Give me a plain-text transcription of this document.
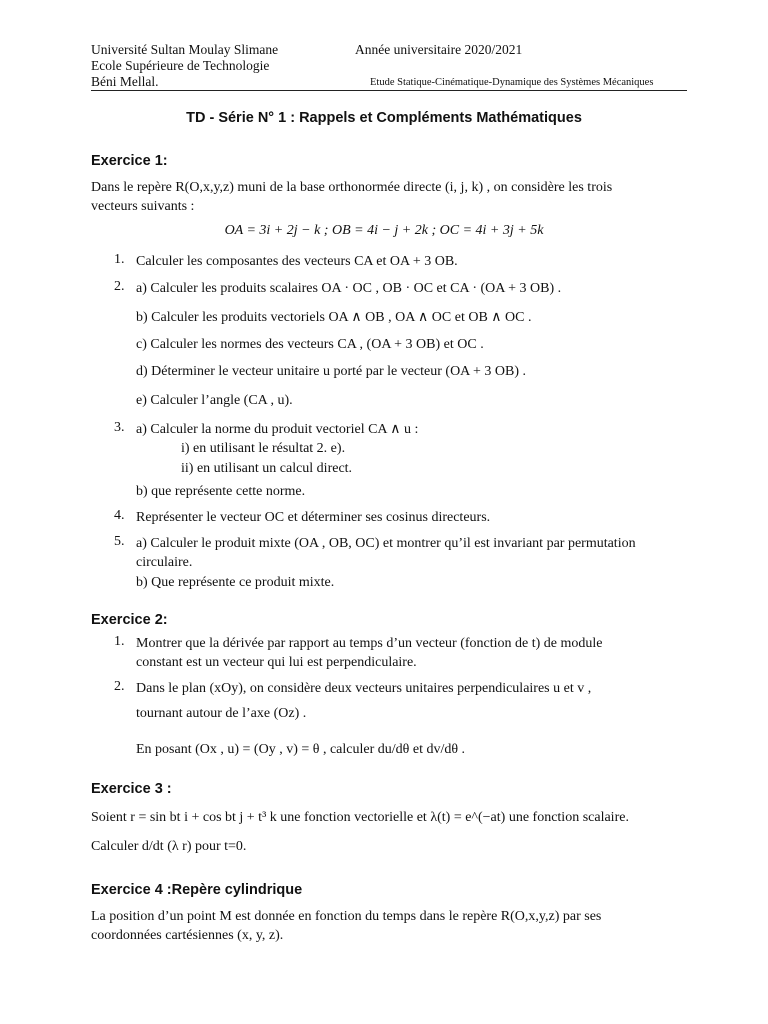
Université Sultan Moulay Slimane
Ecole Supérieure de Technologie
Béni Mellal.
Année universitaire 2020/2021
Etude Statique-Cinématique-Dynamique des Systèmes Mécaniques
TD - Série N° 1 : Rappels et Compléments Mathématiques
Exercice 1:
Dans le repère R(O,x,y,z) muni de la base orthonormée directe (i, j, k) , on considère les trois
vecteurs suivants :
OA = 3i + 2j − k ; OB = 4i − j + 2k ; OC = 4i + 3j + 5k
1. Calculer les composantes des vecteurs CA et OA + 3 OB.
2. a) Calculer les produits scalaires OA · OC , OB · OC et CA · (OA + 3 OB) .
b) Calculer les produits vectoriels OA ∧ OB , OA ∧ OC et OB ∧ OC .
c) Calculer les normes des vecteurs CA , (OA + 3 OB) et OC .
d) Déterminer le vecteur unitaire u porté par le vecteur (OA + 3 OB) .
e) Calculer l’angle (CA , u).
3. a) Calculer la norme du produit vectoriel CA ∧ u :
i) en utilisant le résultat 2. e).
ii) en utilisant un calcul direct.
b) que représente cette norme.
4. Représenter le vecteur OC et déterminer ses cosinus directeurs.
5. a) Calculer le produit mixte (OA , OB, OC) et montrer qu’il est invariant par permutation
circulaire.
b) Que représente ce produit mixte.
Exercice 2:
1. Montrer que la dérivée par rapport au temps d’un vecteur (fonction de t) de module
constant est un vecteur qui lui est perpendiculaire.
2. Dans le plan (xOy), on considère deux vecteurs unitaires perpendiculaires u et v ,
tournant autour de l’axe (Oz) .
En posant (Ox , u) = (Oy , v) = θ , calculer du/dθ et dv/dθ .
Exercice 3 :
Soient r = sin bt i + cos bt j + t³ k une fonction vectorielle et λ(t) = e^(−at) une fonction scalaire.
Calculer d/dt (λ r) pour t=0.
Exercice 4 :Repère cylindrique
La position d’un point M est donnée en fonction du temps dans le repère R(O,x,y,z) par ses
coordonnées cartésiennes (x, y, z).
